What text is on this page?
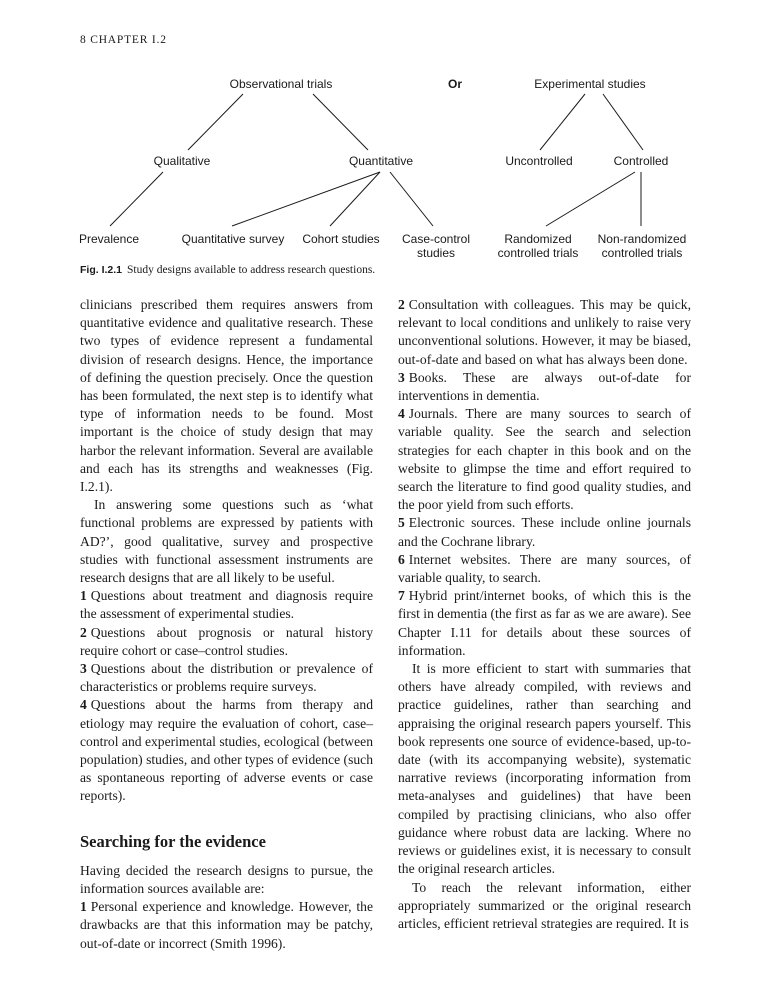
8 CHAPTER I.2
Observational trials	Or	Experimental studies
Qualitative	Quantitative	Uncontrolled	Controlled
Prevalence	Quantitative survey	Cohort studies	Case-control studies
Randomized controlled trials
Non-randomized controlled trials
Fig. I.2.1 Study designs available to address research questions.

clinicians prescribed them requires answers from quantitative evidence and qualitative research. These two types of evidence represent a fundamental division of research designs. Hence, the importance of defining the question precisely. Once the question has been formulated, the next step is to identify what type of information needs to be found. Most important is the choice of study design that may harbor the relevant information. Several are available and each has its strengths and weaknesses (Fig. I.2.1).

In answering some questions such as ‘what functional problems are expressed by patients with AD?’, good qualitative, survey and prospective studies with functional assessment instruments are research designs that are all likely to be useful.

1 Questions about treatment and diagnosis require the assessment of experimental studies.

2 Questions about prognosis or natural history require cohort or case–control studies.

3 Questions about the distribution or prevalence of characteristics or problems require surveys.

4 Questions about the harms from therapy and etiology may require the evaluation of cohort, case–control and experimental studies, ecological (between population) studies, and other types of evidence (such as spontaneous reporting of adverse events or case reports).

Searching for the evidence

Having decided the research designs to pursue, the information sources available are:

1 Personal experience and knowledge. However, the drawbacks are that this information may be patchy, out-of-date or incorrect (Smith 1996).

2 Consultation with colleagues. This may be quick, relevant to local conditions and unlikely to raise very unconventional solutions. However, it may be biased, out-of-date and based on what has always been done.

3 Books. These are always out-of-date for interventions in dementia.

4 Journals. There are many sources to search of variable quality. See the search and selection strategies for each chapter in this book and on the website to glimpse the time and effort required to search the literature to find good quality studies, and the poor yield from such efforts.

5 Electronic sources. These include online journals and the Cochrane library.

6 Internet websites. There are many sources, of variable quality, to search.

7 Hybrid print/internet books, of which this is the first in dementia (the first as far as we are aware). See Chapter I.11 for details about these sources of information.

It is more efficient to start with summaries that others have already compiled, with reviews and practice guidelines, rather than searching and appraising the original research papers yourself. This book represents one source of evidence-based, up-to-date (with its accompanying website), systematic narrative reviews (incorporating information from meta-analyses and guidelines) that have been compiled by practising clinicians, who also offer guidance where robust data are lacking. Where no reviews or guidelines exist, it is necessary to consult the original research articles.

To reach the relevant information, either appropriately summarized or the original research articles, efficient retrieval strategies are required. It is
